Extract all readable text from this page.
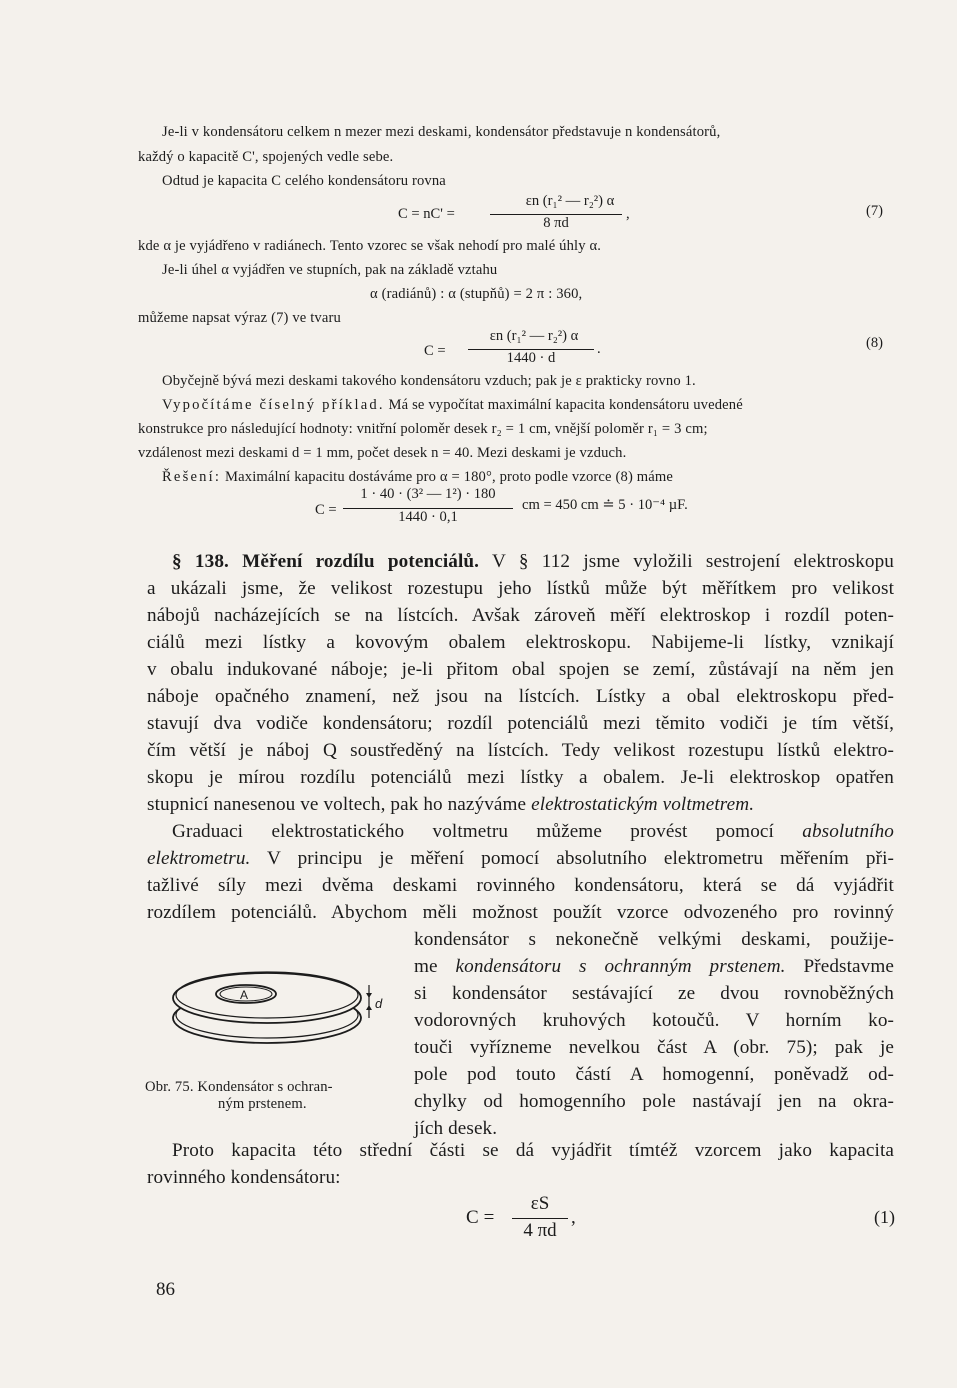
Je-li v kondensátoru celkem n mezer mezi deskami, kondensátor představuje n kondensátorů,
každý o kapacitě C', spojených vedle sebe.
Odtud je kapacita C celého kondensátoru rovna
C = nC' =
εn (r₁² — r₂²) α
8 πd
,	(7)
kde α je vyjádřeno v radiánech. Tento vzorec se však nehodí pro malé úhly α.
Je-li úhel α vyjádřen ve stupních, pak na základě vztahu
α (radiánů) : α (stupňů) = 2 π : 360,
můžeme napsat výraz (7) ve tvaru
C =
εn (r₁² — r₂²) α
1440 · d
.	(8)
Obyčejně bývá mezi deskami takového kondensátoru vzduch; pak je ε prakticky rovno 1.
Vypočítáme číselný příklad. Má se vypočítat maximální kapacita kondensátoru uvedené
konstrukce pro následující hodnoty: vnitřní poloměr desek r₂ = 1 cm, vnější poloměr r₁ = 3 cm;
vzdálenost mezi deskami d = 1 mm, počet desek n = 40. Mezi deskami je vzduch.
Řešení: Maximální kapacitu dostáváme pro α = 180°, proto podle vzorce (8) máme
C =
1 · 40 · (3² — 1²) · 180
1440 · 0,1
cm = 450 cm ≐ 5 · 10⁻⁴ µF.
§ 138. Měření rozdílu potenciálů. V § 112 jsme vyložili sestrojení elektroskopu
a ukázali jsme, že velikost rozestupu jeho lístků může být měřítkem pro velikost
nábojů nacházejících se na lístcích. Avšak zároveň měří elektroskop i rozdíl poten-
ciálů mezi lístky a kovovým obalem elektroskopu. Nabijeme-li lístky, vznikají
v obalu indukované náboje; je-li přitom obal spojen se zemí, zůstávají na něm jen
náboje opačného znamení, než jsou na lístcích. Lístky a obal elektroskopu před-
stavují dva vodiče kondensátoru; rozdíl potenciálů mezi těmito vodiči je tím větší,
čím větší je náboj Q soustředěný na lístcích. Tedy velikost rozestupu lístků elektro-
skopu je mírou rozdílu potenciálů mezi lístky a obalem. Je-li elektroskop opatřen
stupnicí nanesenou ve voltech, pak ho nazýváme elektrostatickým voltmetrem.
Graduaci elektrostatického voltmetru můžeme provést pomocí absolutního
elektrometru. V principu je měření pomocí absolutního elektrometru měřením při-
tažlivé síly mezi dvěma deskami rovinného kondensátoru, která se dá vyjádřit
rozdílem potenciálů. Abychom měli možnost použít vzorce odvozeného pro rovinný
kondensátor s nekonečně velkými deskami, použije-
me kondensátoru s ochranným prstenem. Představme
si kondensátor sestávající ze dvou rovnoběžných
vodorovných kruhových kotoučů. V horním ko-
touči vyřízneme nevelkou část A (obr. 75); pak je
pole pod touto částí A homogenní, poněvadž od-
chylky od homogenního pole nastávají jen na okra-
jích desek.
A
d
Obr. 75. Kondensátor s ochran-
ným prstenem.
Proto kapacita této střední části se dá vyjádřit tímtéž vzorcem jako kapacita
rovinného kondensátoru:
C =
εS
4 πd
,	(1)
86
